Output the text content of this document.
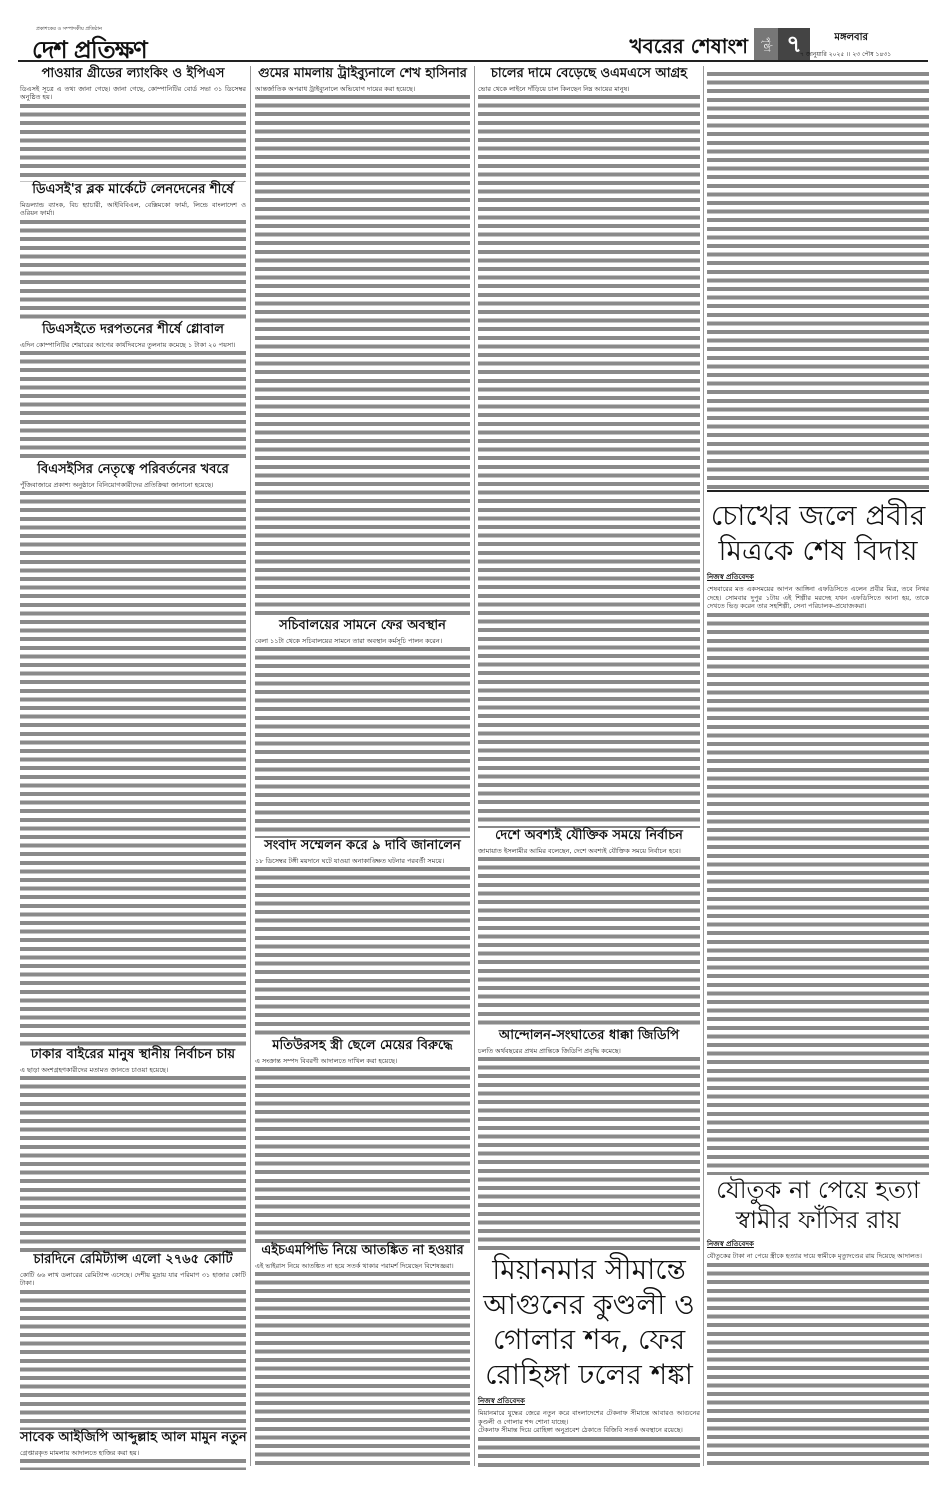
প্রকাশকের ও সম্পাদকীয় প্রতিষ্ঠান
দেশ প্রতিক্ষণ	খবরের শেষাংশ	পৃষ্ঠা ৭	মঙ্গলবার
৭ জানুয়ারি ২০২৫ ।। ২৩ পৌষ ১৪৩১
পাওয়ার গ্রীডের ল্যাংকিং ও ইপিএস
ডিএসই সূত্রে এ তথ্য জানা গেছে। জানা গেছে, কোম্পানিটির বোর্ড সভা ৩১ ডিসেম্বর অনুষ্ঠিত হয়।
ডিএসই'র ব্লক মার্কেটে লেনদেনের শীর্ষে
মিডল্যান্ড ব্যাংক, বিচ হ্যাচারী, আইবিবিএল, বেক্সিমকো ফার্মা, লিন্ডে বাংলাদেশ ও ওরিয়ন ফার্মা।
ডিএসইতে দরপতনের শীর্ষে গ্লোবাল
এদিন কোম্পানিটির শেয়ারের আগের কার্যদিবসের তুলনায় কমেছে ১ টাকা ২০ পয়সা।
বিএসইসির নেতৃত্বে পরিবর্তনের খবরে
পুঁজিবাজারে প্রকাশ্য অনুষ্ঠানে বিনিয়োগকারীদের প্রতিক্রিয়া জানানো হয়েছে।
ঢাকার বাইরের মানুষ স্থানীয় নির্বাচন চায়
এ ছাড়া অংশগ্রহণকারীদের মতামত জানতে চাওয়া হয়েছে।
চারদিনে রেমিট্যান্স এলো ২৭৬৫ কোটি
কোটি ৬৬ লাখ ডলারের রেমিট্যান্স এসেছে। দেশীয় মুদ্রায় যার পরিমাণ ৩১ হাজার কোটি টাকা।
সাবেক আইজিপি আব্দুল্লাহ আল মামুন নতুন
গ্রেপ্তারকৃত মামলায় আদালতে হাজির করা হয়।
গুমের মামলায় ট্রাইব্যুনালে শেখ হাসিনার
আন্তর্জাতিক অপরাধ ট্রাইব্যুনালে অভিযোগ দায়ের করা হয়েছে।
সচিবালয়ের সামনে ফের অবস্থান
বেলা ১১টা থেকে সচিবালয়ের সামনে তারা অবস্থান কর্মসূচি পালন করেন।
সংবাদ সম্মেলন করে ৯ দাবি জানালেন
১৮ ডিসেম্বর টঙ্গী ময়দানে ঘটে যাওয়া অনাকাঙ্ক্ষিত ঘটনার পরবর্তী সময়ে।
মতিউরসহ স্ত্রী ছেলে মেয়ের বিরুদ্ধে
এ সংক্রান্ত সম্পদ বিবরণী আদালতে দাখিল করা হয়েছে।
এইচএমপিভি নিয়ে আতঙ্কিত না হওয়ার
এই ভাইরাস নিয়ে আতঙ্কিত না হয়ে সতর্ক থাকার পরামর্শ দিয়েছেন বিশেষজ্ঞরা।
চালের দামে বেড়েছে ওএমএসে আগ্রহ
ভোর থেকে লাইনে দাঁড়িয়ে চাল কিনছেন নিম্ন আয়ের মানুষ।
দেশে অবশ্যই যৌক্তিক সময়ে নির্বাচন
জামায়াত ইসলামীর আমির বলেছেন, দেশে অবশ্যই যৌক্তিক সময়ে নির্বাচন হবে।
আন্দোলন-সংঘাতের ধাক্কা জিডিপি
চলতি অর্থবছরের প্রথম প্রান্তিকে জিডিপি প্রবৃদ্ধি কমেছে।
মিয়ানমার সীমান্তে আগুনের কুণ্ডলী ও গোলার শব্দ, ফের রোহিঙ্গা ঢলের শঙ্কা
নিজস্ব প্রতিবেদক
মিয়ানমারে যুদ্ধের জেরে নতুন করে বাংলাদেশের টেকনাফ সীমান্তে আবারও আগুনের কুণ্ডলী ও গোলার শব্দ শোনা যাচ্ছে।
টেকনাফ সীমান্ত দিয়ে রোহিঙ্গা অনুপ্রবেশ ঠেকাতে বিজিবি সতর্ক অবস্থানে রয়েছে।
চোখের জলে প্রবীর মিত্রকে শেষ বিদায়
নিজস্ব প্রতিবেদক
শেষবারের মত একসময়ের আপন আঙ্গিনা এফডিসিতে এলেন প্রবীর মিত্র, তবে নিথর দেহে। সোমবার দুপুর ১টায় এই শিল্পীর মরদেহ যখন এফডিসিতে আনা হয়, তাকে দেখতে ভিড় করেন তার সহশিল্পী, সেনা পরিচালক-প্রযোজকরা।
যৌতুক না পেয়ে হত্যা স্বামীর ফাঁসির রায়
নিজস্ব প্রতিবেদক
যৌতুকের টাকা না পেয়ে স্ত্রীকে হত্যার দায়ে স্বামীকে মৃত্যুদণ্ডের রায় দিয়েছে আদালত।
